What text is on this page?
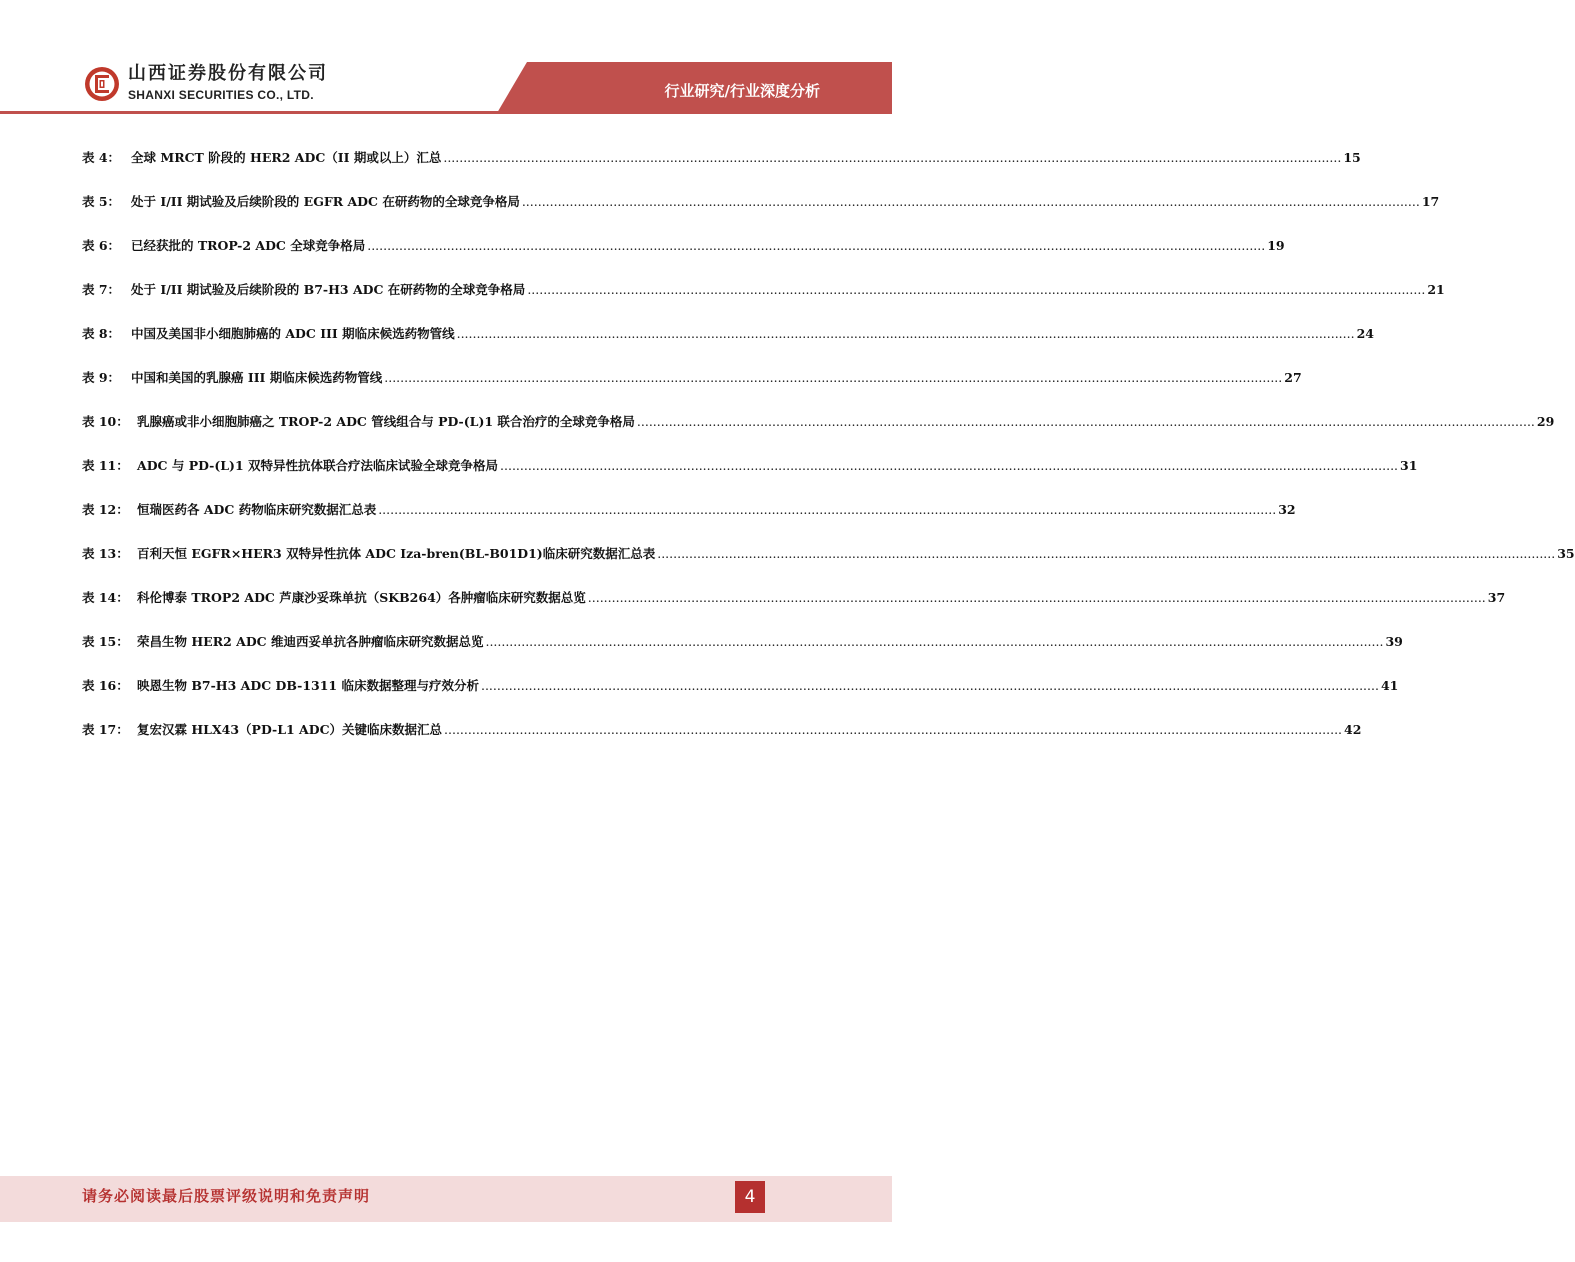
行业研究/行业深度分析
山西证券股份有限公司
SHANXI SECURITIES CO., LTD.
表 4： 全球 MRCT 阶段的 HER2 ADC（II 期或以上）汇总 .....	15
表 5： 处于 I/II 期试验及后续阶段的 EGFR ADC 在研药物的全球竞争格局 .....	17
表 6： 已经获批的 TROP-2 ADC 全球竞争格局 .....	19
表 7： 处于 I/II 期试验及后续阶段的 B7-H3 ADC 在研药物的全球竞争格局 .....	21
表 8： 中国及美国非小细胞肺癌的 ADC III 期临床候选药物管线 .....	24
表 9： 中国和美国的乳腺癌 III 期临床候选药物管线 .....	27
表 10： 乳腺癌或非小细胞肺癌之 TROP-2 ADC 管线组合与 PD-(L)1 联合治疗的全球竞争格局 .....	29
表 11： ADC 与 PD-(L)1 双特异性抗体联合疗法临床试验全球竞争格局 .....	31
表 12： 恒瑞医药各 ADC 药物临床研究数据汇总表 .....	32
表 13： 百利天恒 EGFR×HER3 双特异性抗体 ADC Iza-bren(BL-B01D1)临床研究数据汇总表 .....	35
表 14： 科伦博泰 TROP2 ADC 芦康沙妥珠单抗（SKB264）各肿瘤临床研究数据总览 .....	37
表 15： 荣昌生物 HER2 ADC 维迪西妥单抗各肿瘤临床研究数据总览 .....	39
表 16： 映恩生物 B7-H3 ADC DB-1311 临床数据整理与疗效分析 .....	41
表 17： 复宏汉霖 HLX43（PD-L1 ADC）关键临床数据汇总 .....	42
请务必阅读最后股票评级说明和免责声明	4
